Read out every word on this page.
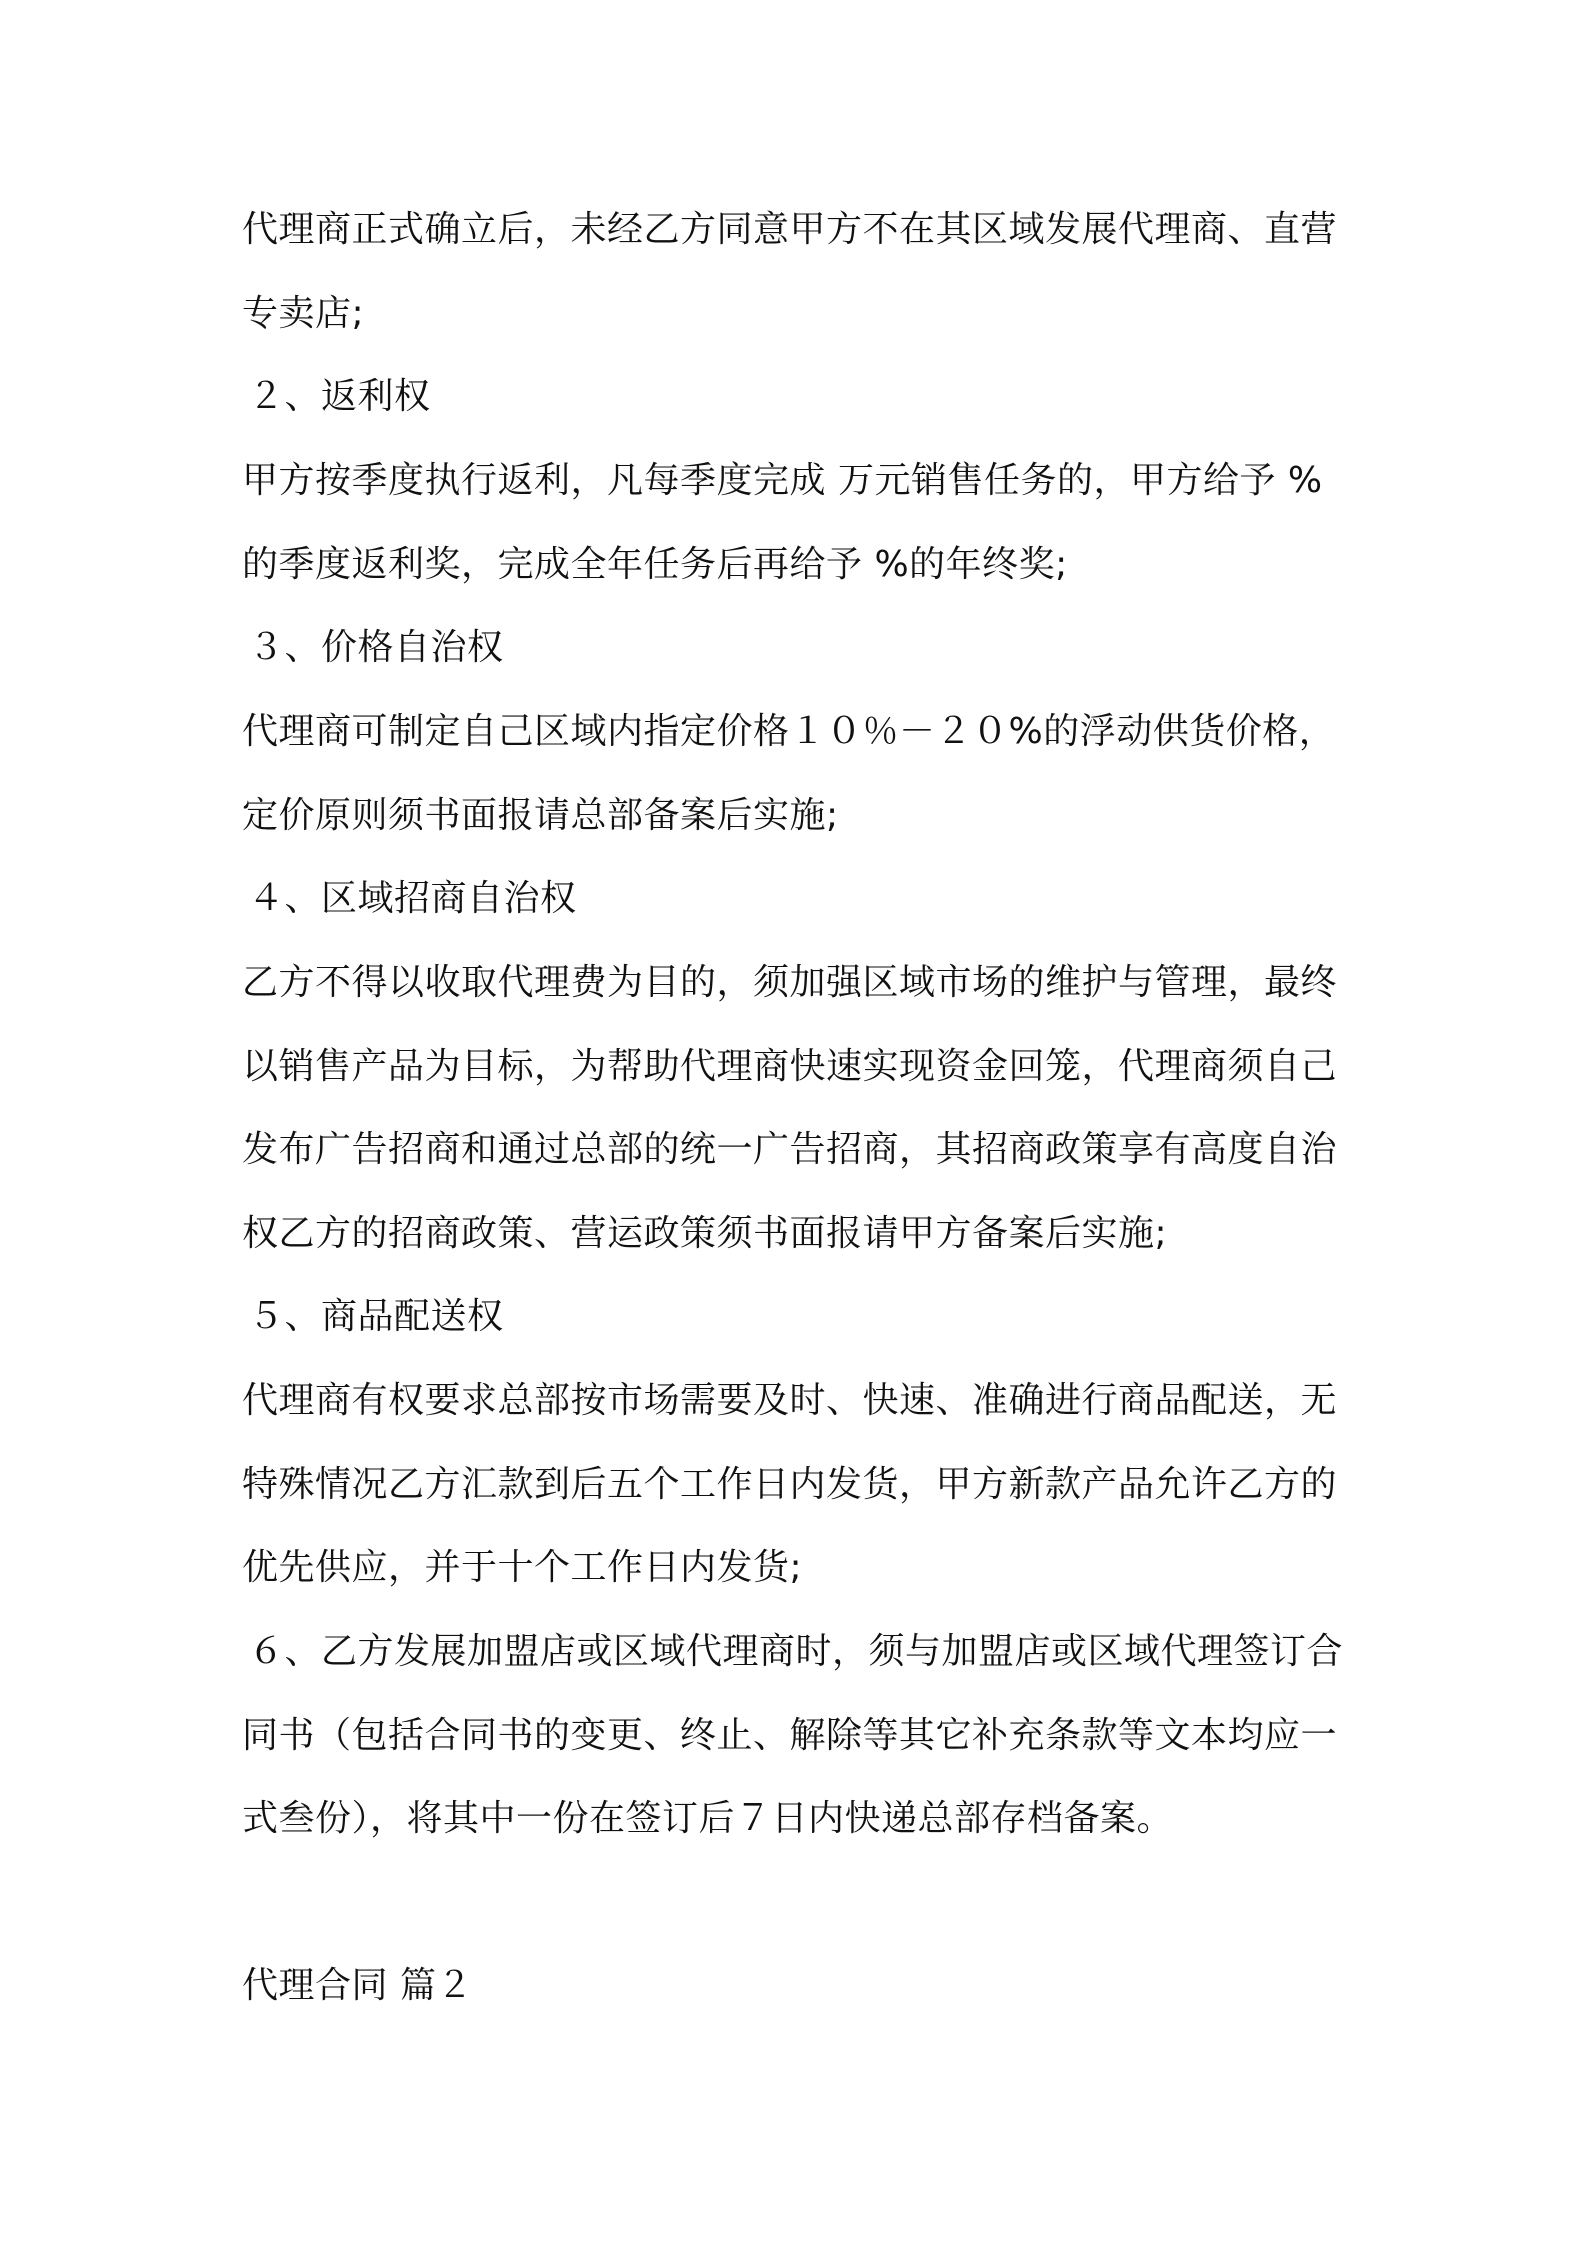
代理商正式确立后，未经乙方同意甲方不在其区域发展代理商、直营
专卖店;
２、返利权
甲方按季度执行返利，凡每季度完成 万元销售任务的，甲方给予 %
的季度返利奖，完成全年任务后再给予 %的年终奖;
３、价格自治权
代理商可制定自己区域内指定价格１０％－２０%的浮动供货价格，
定价原则须书面报请总部备案后实施;
４、区域招商自治权
乙方不得以收取代理费为目的，须加强区域市场的维护与管理，最终
以销售产品为目标，为帮助代理商快速实现资金回笼，代理商须自己
发布广告招商和通过总部的统一广告招商，其招商政策享有高度自治
权乙方的招商政策、营运政策须书面报请甲方备案后实施;
５、商品配送权
代理商有权要求总部按市场需要及时、快速、准确进行商品配送，无
特殊情况乙方汇款到后五个工作日内发货，甲方新款产品允许乙方的
优先供应，并于十个工作日内发货;
６、乙方发展加盟店或区域代理商时，须与加盟店或区域代理签订合
同书（包括合同书的变更、终止、解除等其它补充条款等文本均应一
式叁份），将其中一份在签订后７日内快递总部存档备案。
代理合同 篇２
